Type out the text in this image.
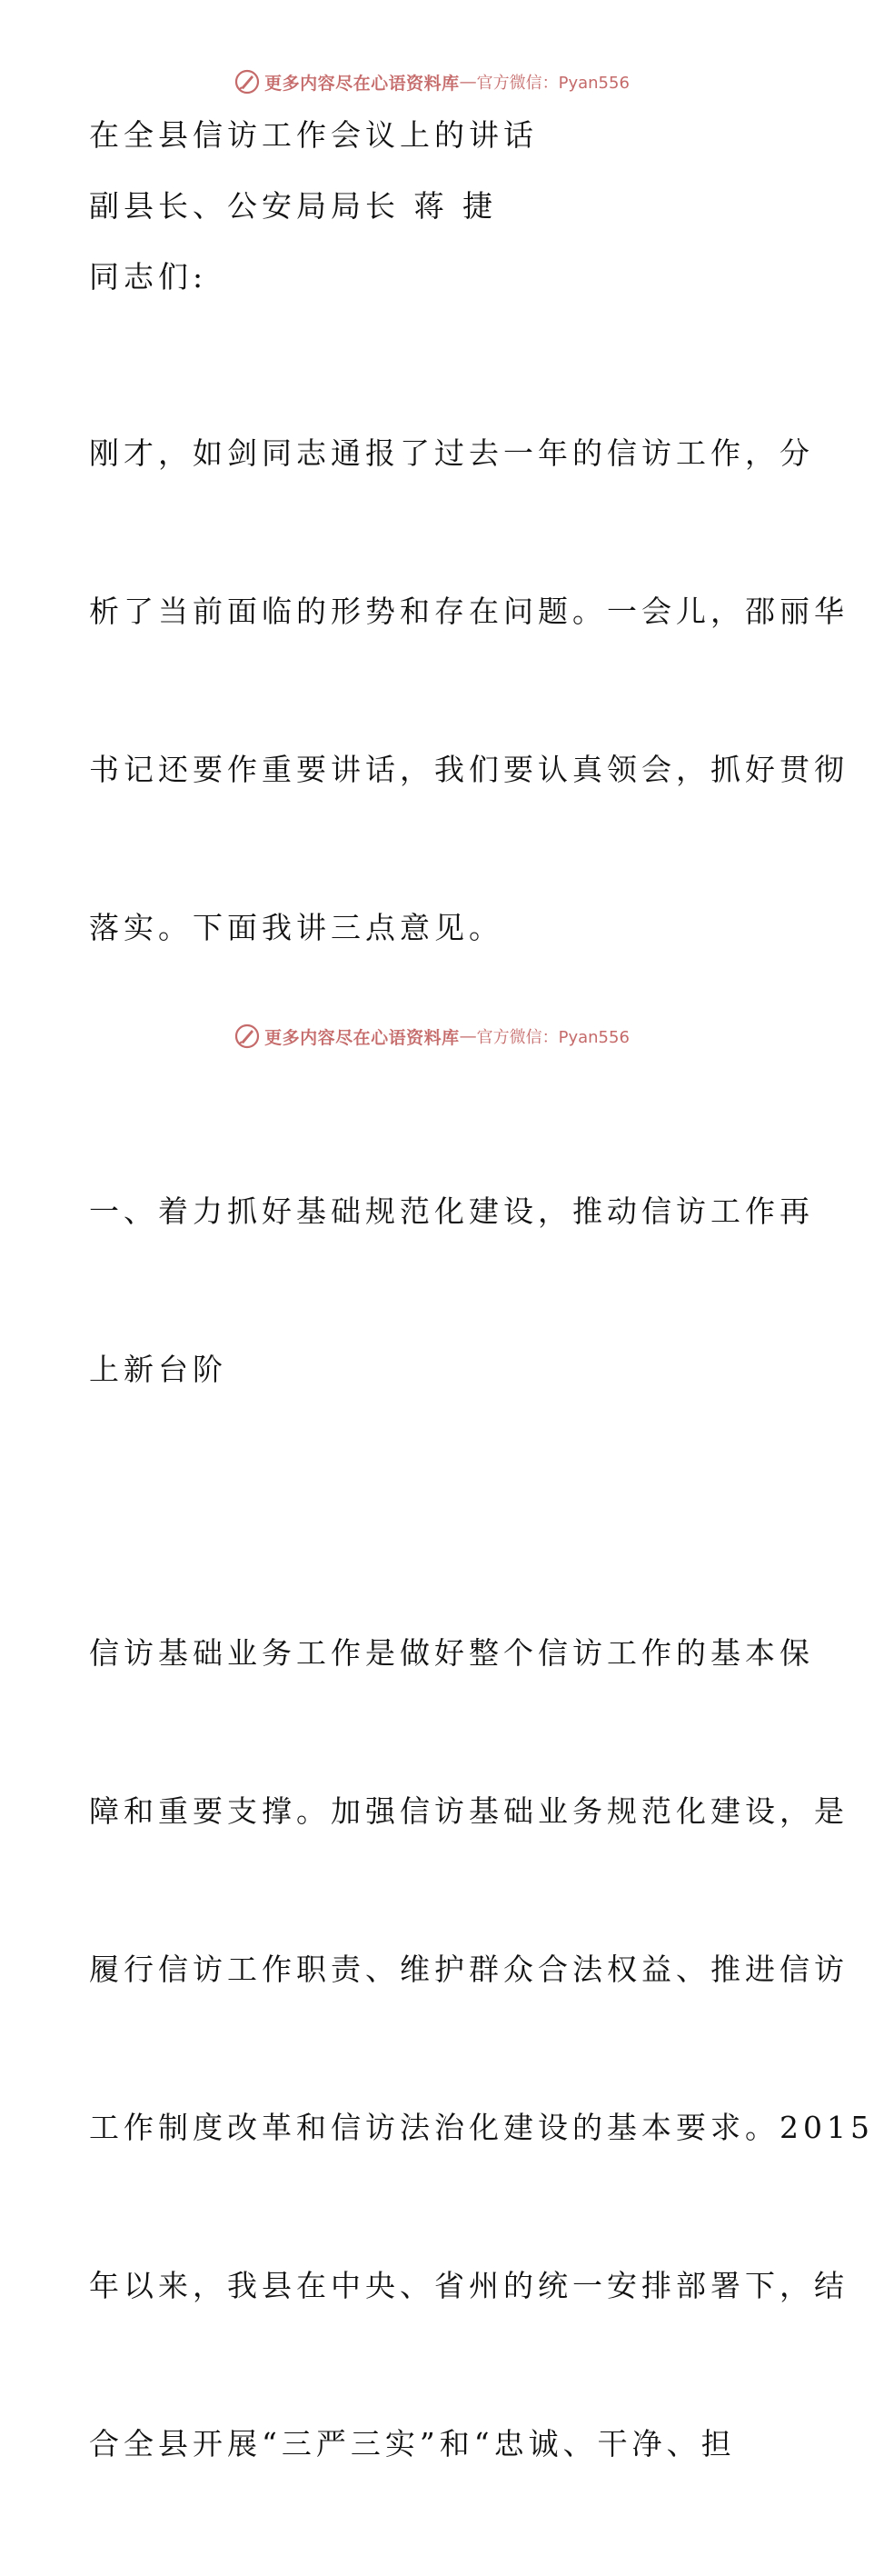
更多内容尽在心语资料库 — 官方微信：Pyan556
在全县信访工作会议上的讲话
副县长、公安局局长 蒋 捷
同志们:

刚才，如剑同志通报了过去一年的信访工作，分

析了当前面临的形势和存在问题。一会儿，邵丽华

书记还要作重要讲话，我们要认真领会，抓好贯彻

落实。下面我讲三点意见。

一、着力抓好基础规范化建设，推动信访工作再

上新台阶

信访基础业务工作是做好整个信访工作的基本保

障和重要支撑。加强信访基础业务规范化建设，是

履行信访工作职责、维护群众合法权益、推进信访

工作制度改革和信访法治化建设的基本要求。2015

年以来，我县在中央、省州的统一安排部署下，结

合全县开展“三严三实”和“忠诚、干净、担

更多内容尽在心语资料库 — 官方微信：Pyan556
